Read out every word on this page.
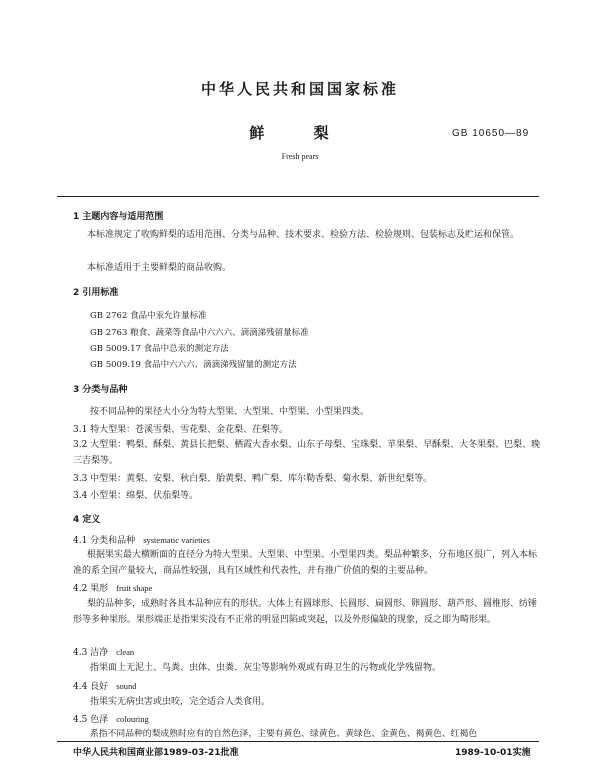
中华人民共和国国家标准
鲜 梨	GB 10650—89
Fresh pears
1 主题内容与适用范围
本标准规定了收购鲜梨的适用范围、分类与品种、技术要求、检验方法、检验规则、包装标志及贮运和保管。
本标准适用于主要鲜梨的商品收购。
2 引用标准
GB 2762 食品中汞允许量标准
GB 2763 粮食、蔬菜等食品中六六六、滴滴涕残留量标准
GB 5009.17 食品中总汞的测定方法
GB 5009.19 食品中六六六、滴滴涕残留量的测定方法
3 分类与品种
按不同品种的果径大小分为特大型果、大型果、中型果、小型果四类。
3.1 特大型果：苍溪雪梨、雪花梨、金花梨、茌梨等。
3.2 大型果：鸭梨、酥梨、黄县长把梨、栖霞大香水梨、山东子母梨、宝珠梨、苹果梨、早酥梨、大冬果梨、巴梨、晚三吉梨等。
3.3 中型果：黄梨、安梨、秋白梨、胎黄梨、鸭广梨、库尔勒香梨、菊水梨、新世纪梨等。
3.4 小型果：绵梨、伏茄梨等。
4 定义
4.1 分类和品种 systematic varieties
根据果实最大横断面的直径分为特大型果、大型果、中型果、小型果四类。梨品种繁多，分布地区很广，列入本标准的系全国产量较大，商品性较强，具有区域性和代表性，并有推广价值的梨的主要品种。
4.2 果形 fruit shape
梨的品种多，成熟时各具本品种应有的形状。大体上有圆球形、长圆形、扁圆形、卵圆形、葫芦形、圆椎形、纺锤形等多种果形。果形端正是指果实没有不正常的明显凹陷或突起，以及外形偏缺的现象，反之即为畸形果。
4.3 洁净 clean
指果面上无泥土、鸟粪、虫体、虫粪、灰尘等影响外观或有碍卫生的污物或化学残留物。
4.4 良好 sound
指果实无病虫害或虫咬，完全适合人类食用。
4.5 色泽 colouring
系指不同品种的梨成熟时应有的自然色泽，主要有黄色、绿黄色、黄绿色、金黄色、褐黄色、红褐色
中华人民共和国商业部1989-03-21批准	1989-10-01实施
